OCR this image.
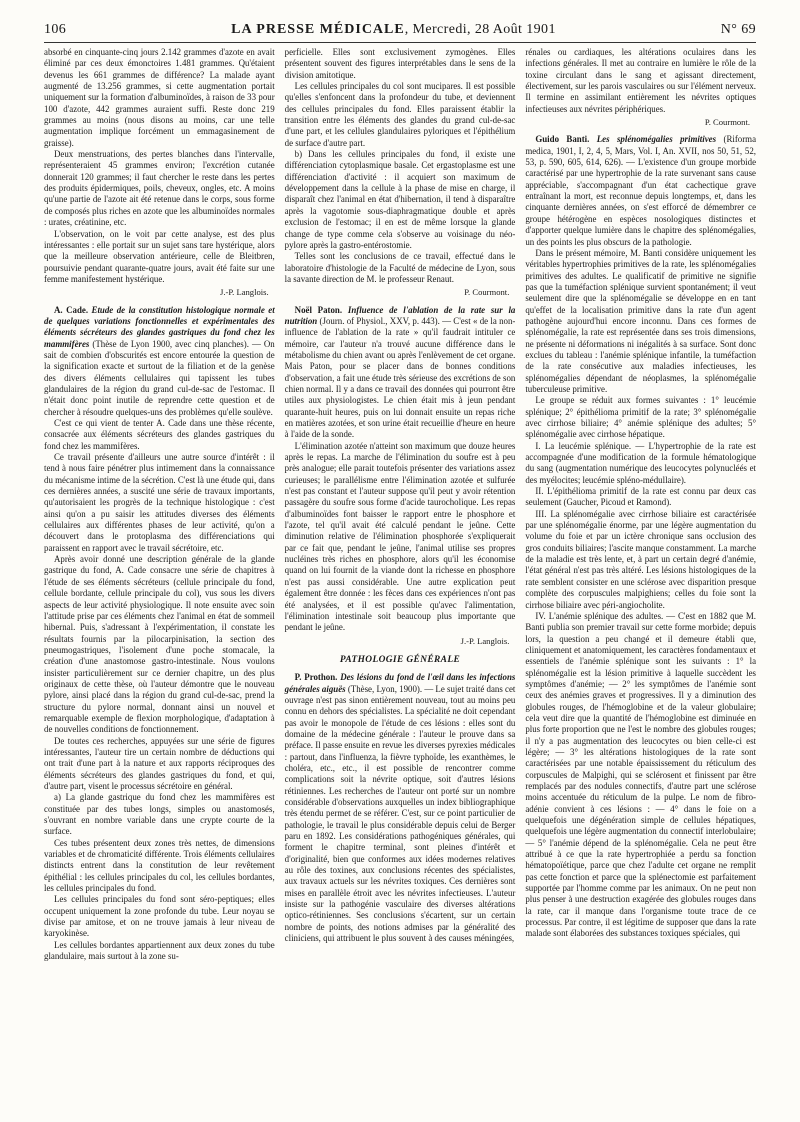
106	LA PRESSE MÉDICALE, Mercredi, 28 Août 1901	N° 69

absorbé en cinquante-cinq jours 2.142 grammes d'azote en avait éliminé par ces deux émonctoires 1.481 grammes. Qu'étaient devenus les 661 grammes de différence? La malade ayant augmenté de 13.256 grammes, si cette augmentation portait uniquement sur la formation d'albuminoïdes, à raison de 33 pour 100 d'azote, 442 grammes auraient suffi. Reste donc 219 grammes au moins (nous disons au moins, car une telle augmentation implique forcément un emmagasinement de graisse).

Deux menstruations, des pertes blanches dans l'intervalle, représenteraient 45 grammes environ; l'excrétion cutanée donnerait 120 grammes; il faut chercher le reste dans les pertes des produits épidermiques, poils, cheveux, ongles, etc. A moins qu'une partie de l'azote ait été retenue dans le corps, sous forme de composés plus riches en azote que les albuminoïdes normales : urates, créatinine, etc.

L'observation, on le voit par cette analyse, est des plus intéressantes : elle portait sur un sujet sans tare hystérique, alors que la meilleure observation antérieure, celle de Bleitbren, poursuivie pendant quarante-quatre jours, avait été faite sur une femme manifestement hystérique.

J.-P. Langlois.

A. Cade. Etude de la constitution histologique normale et de quelques variations fonctionnelles et expérimentales des éléments sécréteurs des glandes gastriques du fond chez les mammifères (Thèse de Lyon 1900, avec cinq planches). — On sait de combien d'obscurités est encore entourée la question de la signification exacte et surtout de la filiation et de la genèse des divers éléments cellulaires qui tapissent les tubes glandulaires de la région du grand cul-de-sac de l'estomac. Il n'était donc point inutile de reprendre cette question et de chercher à résoudre quelques-uns des problèmes qu'elle soulève.

C'est ce qui vient de tenter A. Cade dans une thèse récente, consacrée aux éléments sécréteurs des glandes gastriques du fond chez les mammifères.

Ce travail présente d'ailleurs une autre source d'intérêt : il tend à nous faire pénétrer plus intimement dans la connaissance du mécanisme intime de la sécrétion. C'est là une étude qui, dans ces dernières années, a suscité une série de travaux importants, qu'autorisaient les progrès de la technique histologique : c'est ainsi qu'on a pu saisir les attitudes diverses des éléments cellulaires aux différentes phases de leur activité, qu'on a découvert dans le protoplasma des différenciations qui paraissent en rapport avec le travail sécrétoire, etc.

Après avoir donné une description générale de la glande gastrique du fond, A. Cade consacre une série de chapitres à l'étude de ses éléments sécréteurs (cellule principale du fond, cellule bordante, cellule principale du col), vus sous les divers aspects de leur activité physiologique. Il note ensuite avec soin l'attitude prise par ces éléments chez l'animal en état de sommeil hibernal. Puis, s'adressant à l'expérimentation, il constate les résultats fournis par la pilocarpinisation, la section des pneumogastriques, l'isolement d'une poche stomacale, la création d'une anastomose gastro-intestinale. Nous voulons insister particulièrement sur ce dernier chapitre, un des plus originaux de cette thèse, où l'auteur démontre que le nouveau pylore, ainsi placé dans la région du grand cul-de-sac, prend la structure du pylore normal, donnant ainsi un nouvel et remarquable exemple de flexion morphologique, d'adaptation à de nouvelles conditions de fonctionnement.

De toutes ces recherches, appuyées sur une série de figures intéressantes, l'auteur tire un certain nombre de déductions qui ont trait d'une part à la nature et aux rapports réciproques des éléments sécréteurs des glandes gastriques du fond, et qui, d'autre part, visent le processus sécrétoire en général.

a) La glande gastrique du fond chez les mammifères est constituée par des tubes longs, simples ou anastomosés, s'ouvrant en nombre variable dans une crypte courte de la surface.

Ces tubes présentent deux zones très nettes, de dimensions variables et de chromaticité différente. Trois éléments cellulaires distincts entrent dans la constitution de leur revêtement épithélial : les cellules principales du col, les cellules bordantes, les cellules principales du fond.

Les cellules principales du fond sont séro-peptiques; elles occupent uniquement la zone profonde du tube. Leur noyau se divise par amitose, et on ne trouve jamais à leur niveau de karyokinèse.

Les cellules bordantes appartiennent aux deux zones du tube glandulaire, mais surtout à la zone su-

perficielle. Elles sont exclusivement zymogènes. Elles présentent souvent des figures interprétables dans le sens de la division amitotique.

Les cellules principales du col sont mucipares. Il est possible qu'elles s'enfoncent dans la profondeur du tube, et deviennent des cellules principales du fond. Elles paraissent établir la transition entre les éléments des glandes du grand cul-de-sac d'une part, et les cellules glandulaires pyloriques et l'épithélium de surface d'autre part.

b) Dans les cellules principales du fond, il existe une différenciation cytoplasmique basale. Cet ergastoplasme est une différenciation d'activité : il acquiert son maximum de développement dans la cellule à la phase de mise en charge, il disparaît chez l'animal en état d'hibernation, il tend à disparaître après la vagotomie sous-diaphragmatique double et après exclusion de l'estomac; il en est de même lorsque la glande change de type comme cela s'observe au voisinage du néo-pylore après la gastro-entérostomie.

Telles sont les conclusions de ce travail, effectué dans le laboratoire d'histologie de la Faculté de médecine de Lyon, sous la savante direction de M. le professeur Renaut.

P. Courmont.

Noël Paton. Influence de l'ablation de la rate sur la nutrition (Journ. of Physiol., XXV, p. 443). — C'est « de la non-influence de l'ablation de la rate » qu'il faudrait intituler ce mémoire, car l'auteur n'a trouvé aucune différence dans le métabolisme du chien avant ou après l'enlèvement de cet organe. Mais Paton, pour se placer dans de bonnes conditions d'observation, a fait une étude très sérieuse des excrétions de son chien normal. Il y a dans ce travail des données qui pourront être utiles aux physiologistes. Le chien était mis à jeun pendant quarante-huit heures, puis on lui donnait ensuite un repas riche en matières azotées, et son urine était recueillie d'heure en heure à l'aide de la sonde.

L'élimination azotée n'atteint son maximum que douze heures après le repas. La marche de l'élimination du soufre est à peu près analogue; elle parait toutefois présenter des variations assez curieuses; le parallélisme entre l'élimination azotée et sulfurée n'est pas constant et l'auteur suppose qu'il peut y avoir rétention passagère du soufre sous forme d'acide taurocholique. Les repas d'albuminoïdes font baisser le rapport entre le phosphore et l'azote, tel qu'il avait été calculé pendant le jeûne. Cette diminution relative de l'élimination phosphorée s'expliquerait par ce fait que, pendant le jeûne, l'animal utilise ses propres nucléines très riches en phosphore, alors qu'il les économise quand on lui fournit de la viande dont la richesse en phosphore n'est pas aussi considérable. Une autre explication peut également être donnée : les fèces dans ces expériences n'ont pas été analysées, et il est possible qu'avec l'alimentation, l'élimination intestinale soit beaucoup plus importante que pendant le jeûne.

J.-P. Langlois.

PATHOLOGIE GÉNÉRALE

P. Prothon. Des lésions du fond de l'œil dans les infections générales aiguës (Thèse, Lyon, 1900). — Le sujet traité dans cet ouvrage n'est pas sinon entièrement nouveau, tout au moins peu connu en dehors des spécialistes. La spécialité ne doit cependant pas avoir le monopole de l'étude de ces lésions : elles sont du domaine de la médecine générale : l'auteur le prouve dans sa préface. Il passe ensuite en revue les diverses pyrexies médicales : partout, dans l'influenza, la fièvre typhoïde, les exanthèmes, le choléra, etc., etc., il est possible de rencontrer comme complications soit la névrite optique, soit d'autres lésions rétiniennes. Les recherches de l'auteur ont porté sur un nombre considérable d'observations auxquelles un index bibliographique très étendu permet de se référer. C'est, sur ce point particulier de pathologie, le travail le plus considérable depuis celui de Berger paru en 1892. Les considérations pathogéniques générales, qui forment le chapitre terminal, sont pleines d'intérêt et d'originalité, bien que conformes aux idées modernes relatives au rôle des toxines, aux conclusions récentes des spécialistes, aux travaux actuels sur les névrites toxiques. Ces dernières sont mises en parallèle étroit avec les névrites infectieuses. L'auteur insiste sur la pathogénie vasculaire des diverses altérations optico-rétiniennes. Ses conclusions s'écartent, sur un certain nombre de points, des notions admises par la généralité des cliniciens, qui attribuent le plus souvent à des causes méningées,

rénales ou cardiaques, les altérations oculaires dans les infections générales. Il met au contraire en lumière le rôle de la toxine circulant dans le sang et agissant directement, électivement, sur les parois vasculaires ou sur l'élément nerveux. Il termine en assimilant entièrement les névrites optiques infectieuses aux névrites périphériques.

P. Courmont.

Guido Banti. Les splénomégalies primitives (Riforma medica, 1901, I, 2, 4, 5, Mars, Vol. I, An. XVII, nos 50, 51, 52, 53, p. 590, 605, 614, 626). — L'existence d'un groupe morbide caractérisé par une hypertrophie de la rate survenant sans cause appréciable, s'accompagnant d'un état cachectique grave entraînant la mort, est reconnue depuis longtemps, et, dans les cinquante dernières années, on s'est efforcé de démembrer ce groupe hétérogène en espèces nosologiques distinctes et d'apporter quelque lumière dans le chapitre des splénomégalies, un des points les plus obscurs de la pathologie.

Dans le présent mémoire, M. Banti considère uniquement les véritables hypertrophies primitives de la rate, les splénomégalies primitives des adultes. Le qualificatif de primitive ne signifie pas que la tuméfaction splénique survient spontanément; il veut seulement dire que la splénomégalie se développe en en tant qu'effet de la localisation primitive dans la rate d'un agent pathogène aujourd'hui encore inconnu. Dans ces formes de splénomégalie, la rate est représentée dans ses trois dimensions, ne présente ni déformations ni inégalités à sa surface. Sont donc exclues du tableau : l'anémie splénique infantile, la tuméfaction de la rate consécutive aux maladies infectieuses, les splénomégalies dépendant de néoplasmes, la splénomégalie tuberculeuse primitive.

Le groupe se réduit aux formes suivantes : 1° leucémie splénique; 2° épithélioma primitif de la rate; 3° splénomégalie avec cirrhose biliaire; 4° anémie splénique des adultes; 5° splénomégalie avec cirrhose hépatique.

I. La leucémie splénique. — L'hypertrophie de la rate est accompagnée d'une modification de la formule hématologique du sang (augmentation numérique des leucocytes polynucléés et des myélocites; leucémie spléno-médullaire).

II. L'épithélioma primitif de la rate est connu par deux cas seulement (Gaucher, Picoud et Ramond).

III. La splénomégalie avec cirrhose biliaire est caractérisée par une splénomégalie énorme, par une légère augmentation du volume du foie et par un ictère chronique sans occlusion des gros conduits biliaires; l'ascite manque constamment. La marche de la maladie est très lente, et, à part un certain degré d'anémie, l'état général n'est pas très altéré. Les lésions histologiques de la rate semblent consister en une sclérose avec disparition presque complète des corpuscules malpighiens; celles du foie sont la cirrhose biliaire avec péri-angiocholite.

IV. L'anémie splénique des adultes. — C'est en 1882 que M. Banti publia son premier travail sur cette forme morbide; depuis lors, la question a peu changé et il demeure établi que, cliniquement et anatomiquement, les caractères fondamentaux et essentiels de l'anémie splénique sont les suivants : 1° la splénomégalie est la lésion primitive à laquelle succèdent les symptômes d'anémie; — 2° les symptômes de l'anémie sont ceux des anémies graves et progressives. Il y a diminution des globules rouges, de l'hémoglobine et de la valeur globulaire; cela veut dire que la quantité de l'hémoglobine est diminuée en plus forte proportion que ne l'est le nombre des globules rouges; il n'y a pas augmentation des leucocytes ou bien celle-ci est légère; — 3° les altérations histologiques de la rate sont caractérisées par une notable épaississement du réticulum des corpuscules de Malpighi, qui se sclérosent et finissent par être remplacés par des nodules connectifs, d'autre part une sclérose moins accentuée du réticulum de la pulpe. Le nom de fibro-adénie convient à ces lésions : — 4° dans le foie on a quelquefois une dégénération simple de cellules hépatiques, quelquefois une légère augmentation du connectif interlobulaire; — 5° l'anémie dépend de la splénomégalie. Cela ne peut être attribué à ce que la rate hypertrophiée a perdu sa fonction hématopoïétique, parce que chez l'adulte cet organe ne remplit pas cette fonction et parce que la splénectomie est parfaitement supportée par l'homme comme par les animaux. On ne peut non plus penser à une destruction exagérée des globules rouges dans la rate, car il manque dans l'organisme toute trace de ce processus. Par contre, il est légitime de supposer que dans la rate malade sont élaborées des substances toxiques spéciales, qui
